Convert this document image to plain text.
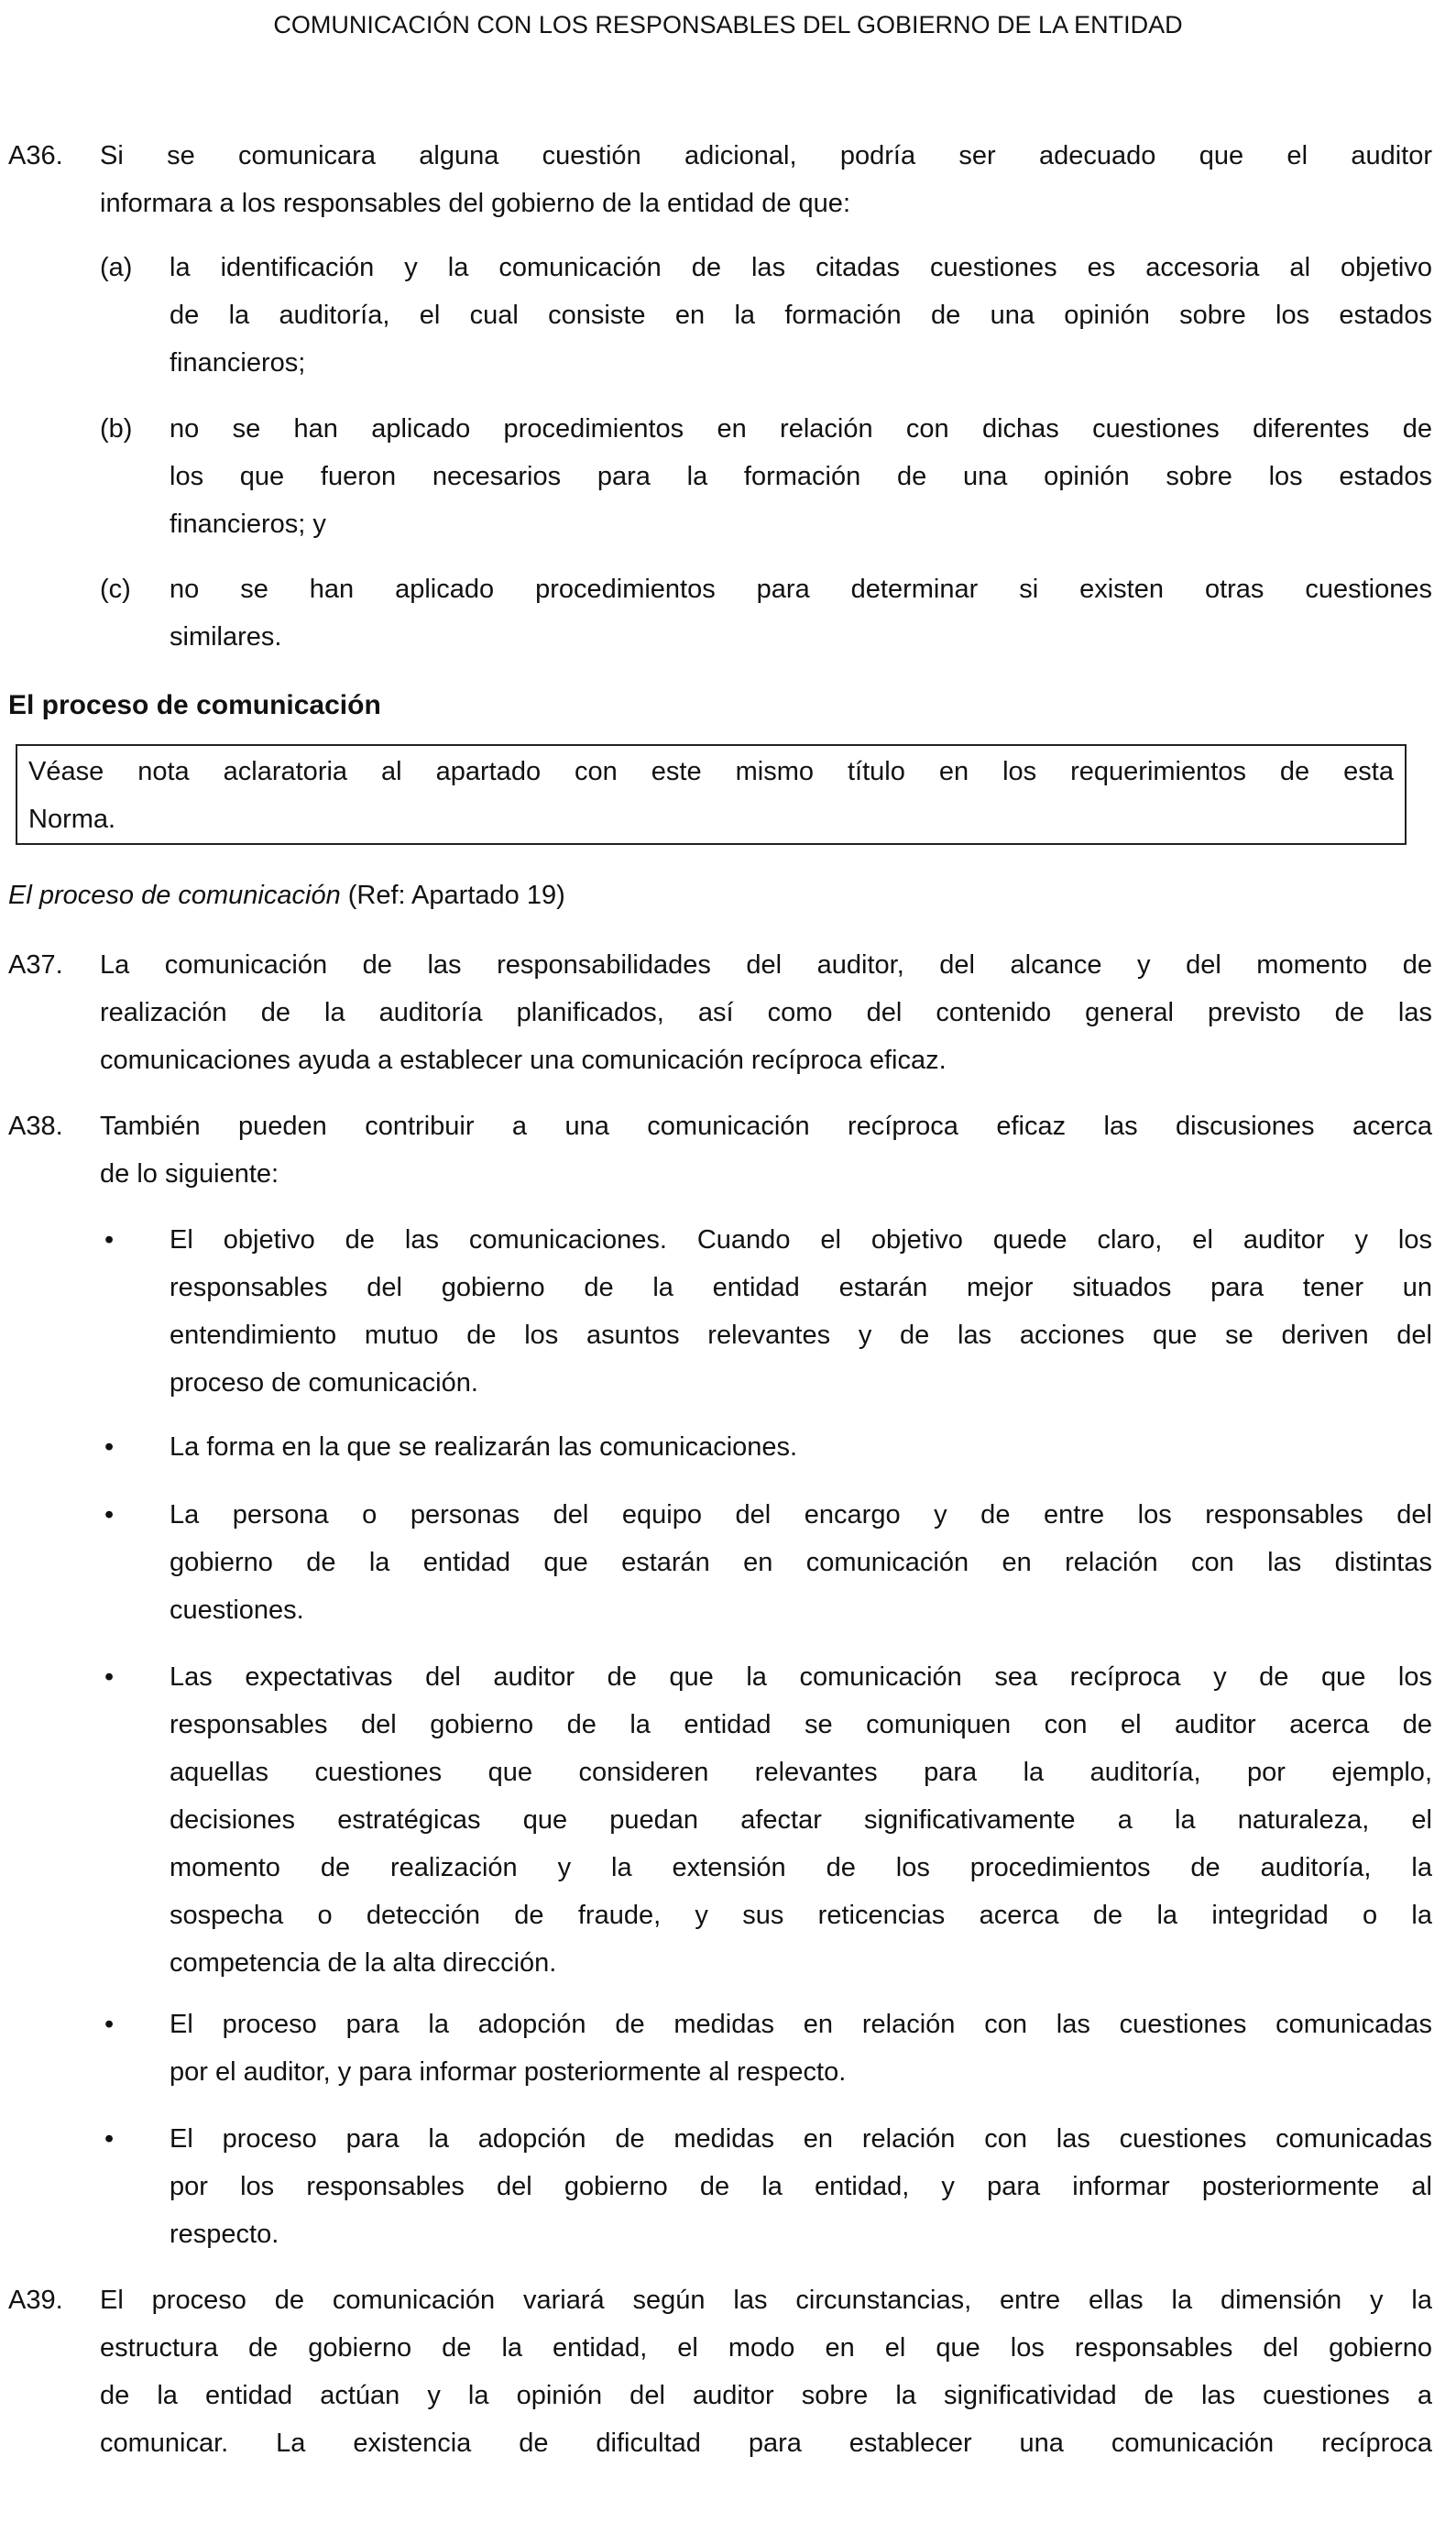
COMUNICACIÓN CON LOS RESPONSABLES DEL GOBIERNO DE LA ENTIDAD
A36. Si se comunicara alguna cuestión adicional, podría ser adecuado que el auditor
informara a los responsables del gobierno de la entidad de que:
(a) la identificación y la comunicación de las citadas cuestiones es accesoria al objetivo
de la auditoría, el cual consiste en la formación de una opinión sobre los estados
financieros;
(b) no se han aplicado procedimientos en relación con dichas cuestiones diferentes de
los que fueron necesarios para la formación de una opinión sobre los estados
financieros; y
(c) no se han aplicado procedimientos para determinar si existen otras cuestiones
similares.
El proceso de comunicación
Véase nota aclaratoria al apartado con este mismo título en los requerimientos de esta
Norma.
El proceso de comunicación (Ref: Apartado 19)
A37. La comunicación de las responsabilidades del auditor, del alcance y del momento de
realización de la auditoría planificados, así como del contenido general previsto de las
comunicaciones ayuda a establecer una comunicación recíproca eficaz.
A38. También pueden contribuir a una comunicación recíproca eficaz las discusiones acerca
de lo siguiente:
• El objetivo de las comunicaciones. Cuando el objetivo quede claro, el auditor y los
responsables del gobierno de la entidad estarán mejor situados para tener un
entendimiento mutuo de los asuntos relevantes y de las acciones que se deriven del
proceso de comunicación.
• La forma en la que se realizarán las comunicaciones.
• La persona o personas del equipo del encargo y de entre los responsables del
gobierno de la entidad que estarán en comunicación en relación con las distintas
cuestiones.
• Las expectativas del auditor de que la comunicación sea recíproca y de que los
responsables del gobierno de la entidad se comuniquen con el auditor acerca de
aquellas cuestiones que consideren relevantes para la auditoría, por ejemplo,
decisiones estratégicas que puedan afectar significativamente a la naturaleza, el
momento de realización y la extensión de los procedimientos de auditoría, la
sospecha o detección de fraude, y sus reticencias acerca de la integridad o la
competencia de la alta dirección.
• El proceso para la adopción de medidas en relación con las cuestiones comunicadas
por el auditor, y para informar posteriormente al respecto.
• El proceso para la adopción de medidas en relación con las cuestiones comunicadas
por los responsables del gobierno de la entidad, y para informar posteriormente al
respecto.
A39. El proceso de comunicación variará según las circunstancias, entre ellas la dimensión y la
estructura de gobierno de la entidad, el modo en el que los responsables del gobierno
de la entidad actúan y la opinión del auditor sobre la significatividad de las cuestiones a
comunicar. La existencia de dificultad para establecer una comunicación recíproca
